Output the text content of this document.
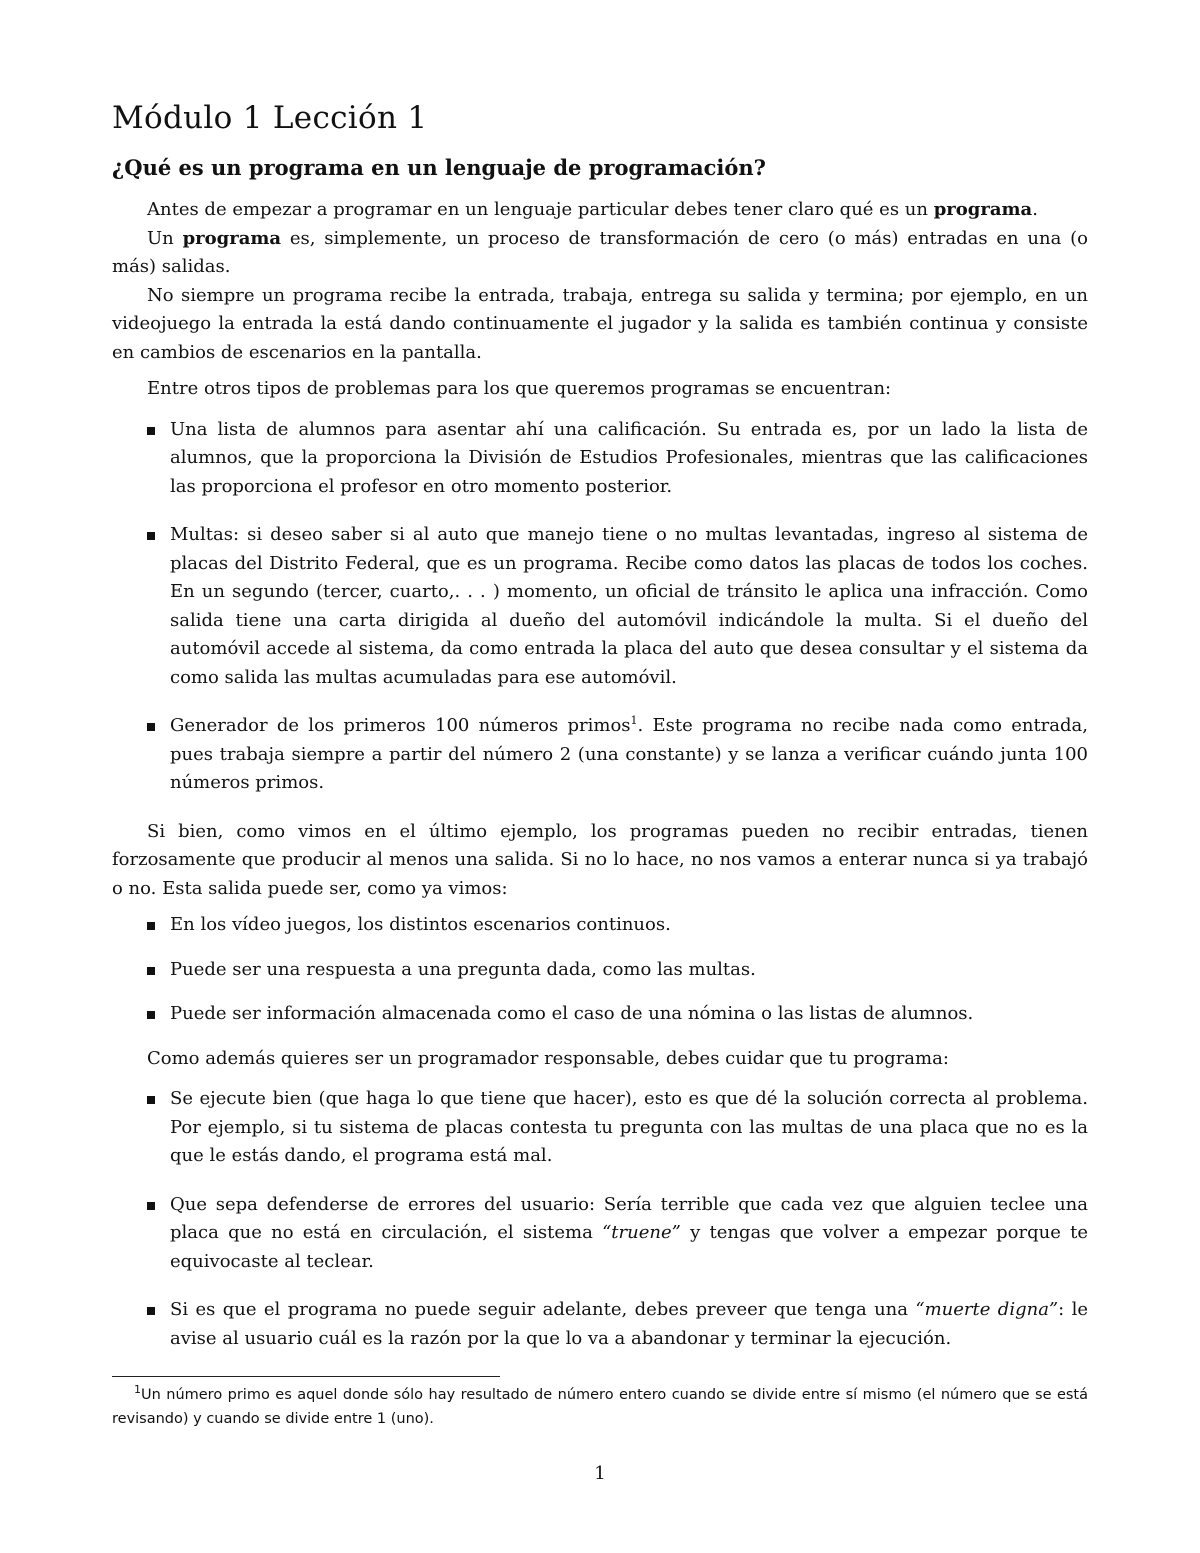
Módulo 1 Lección 1
¿Qué es un programa en un lenguaje de programación?

Antes de empezar a programar en un lenguaje particular debes tener claro qué es un programa.

Un programa es, simplemente, un proceso de transformación de cero (o más) entradas en una (o más) salidas.

No siempre un programa recibe la entrada, trabaja, entrega su salida y termina; por ejemplo, en un videojuego la entrada la está dando continuamente el jugador y la salida es también continua y consiste en cambios de escenarios en la pantalla.

Entre otros tipos de problemas para los que queremos programas se encuentran:

Una lista de alumnos para asentar ahí una calificación. Su entrada es, por un lado la lista de alumnos, que la proporciona la División de Estudios Profesionales, mientras que las calificaciones las proporciona el profesor en otro momento posterior.
Multas: si deseo saber si al auto que manejo tiene o no multas levantadas, ingreso al sistema de placas del Distrito Federal, que es un programa. Recibe como datos las placas de todos los coches. En un segundo (tercer, cuarto,. . . ) momento, un oficial de tránsito le aplica una infracción. Como salida tiene una carta dirigida al dueño del automóvil indicándole la multa. Si el dueño del automóvil accede al sistema, da como entrada la placa del auto que desea consultar y el sistema da como salida las multas acumuladas para ese automóvil.
Generador de los primeros 100 números primos$^1$. Este programa no recibe nada como entrada, pues trabaja siempre a partir del número 2 (una constante) y se lanza a verificar cuándo junta 100 números primos.

Si bien, como vimos en el último ejemplo, los programas pueden no recibir entradas, tienen forzosamente que producir al menos una salida. Si no lo hace, no nos vamos a enterar nunca si ya trabajó o no. Esta salida puede ser, como ya vimos:

En los vídeo juegos, los distintos escenarios continuos.
Puede ser una respuesta a una pregunta dada, como las multas.
Puede ser información almacenada como el caso de una nómina o las listas de alumnos.

Como además quieres ser un programador responsable, debes cuidar que tu programa:

Se ejecute bien (que haga lo que tiene que hacer), esto es que dé la solución correcta al problema. Por ejemplo, si tu sistema de placas contesta tu pregunta con las multas de una placa que no es la que le estás dando, el programa está mal.
Que sepa defenderse de errores del usuario: Sería terrible que cada vez que alguien teclee una placa que no está en circulación, el sistema “truene” y tengas que volver a empezar porque te equivocaste al teclear.
Si es que el programa no puede seguir adelante, debes preveer que tenga una “muerte digna”: le avise al usuario cuál es la razón por la que lo va a abandonar y terminar la ejecución.
$^1$Un número primo es aquel donde sólo hay resultado de número entero cuando se divide entre sí mismo (el número que se está revisando) y cuando se divide entre 1 (uno).
1
